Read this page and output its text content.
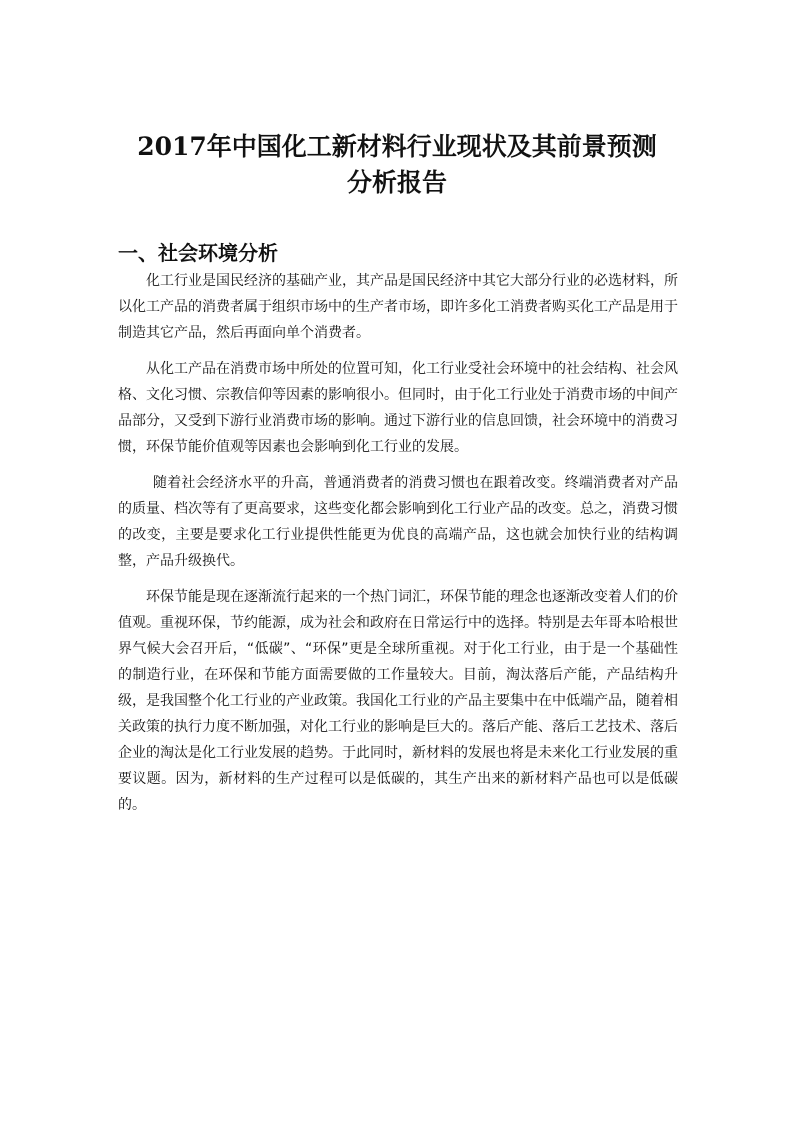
2017年中国化工新材料行业现状及其前景预测
分析报告
一、社会环境分析

化工行业是国民经济的基础产业，其产品是国民经济中其它大部分行业的必选材料，所以化工产品的消费者属于组织市场中的生产者市场，即许多化工消费者购买化工产品是用于制造其它产品，然后再面向单个消费者。

从化工产品在消费市场中所处的位置可知，化工行业受社会环境中的社会结构、社会风格、文化习惯、宗教信仰等因素的影响很小。但同时，由于化工行业处于消费市场的中间产品部分，又受到下游行业消费市场的影响。通过下游行业的信息回馈，社会环境中的消费习惯，环保节能价值观等因素也会影响到化工行业的发展。

随着社会经济水平的升高，普通消费者的消费习惯也在跟着改变。终端消费者对产品的质量、档次等有了更高要求，这些变化都会影响到化工行业产品的改变。总之，消费习惯的改变，主要是要求化工行业提供性能更为优良的高端产品，这也就会加快行业的结构调整，产品升级换代。

环保节能是现在逐渐流行起来的一个热门词汇，环保节能的理念也逐渐改变着人们的价值观。重视环保，节约能源，成为社会和政府在日常运行中的选择。特别是去年哥本哈根世界气候大会召开后，“低碳”、“环保”更是全球所重视。对于化工行业，由于是一个基础性的制造行业，在环保和节能方面需要做的工作量较大。目前，淘汰落后产能，产品结构升级，是我国整个化工行业的产业政策。我国化工行业的产品主要集中在中低端产品，随着相关政策的执行力度不断加强，对化工行业的影响是巨大的。落后产能、落后工艺技术、落后企业的淘汰是化工行业发展的趋势。于此同时，新材料的发展也将是未来化工行业发展的重要议题。因为，新材料的生产过程可以是低碳的，其生产出来的新材料产品也可以是低碳的。
